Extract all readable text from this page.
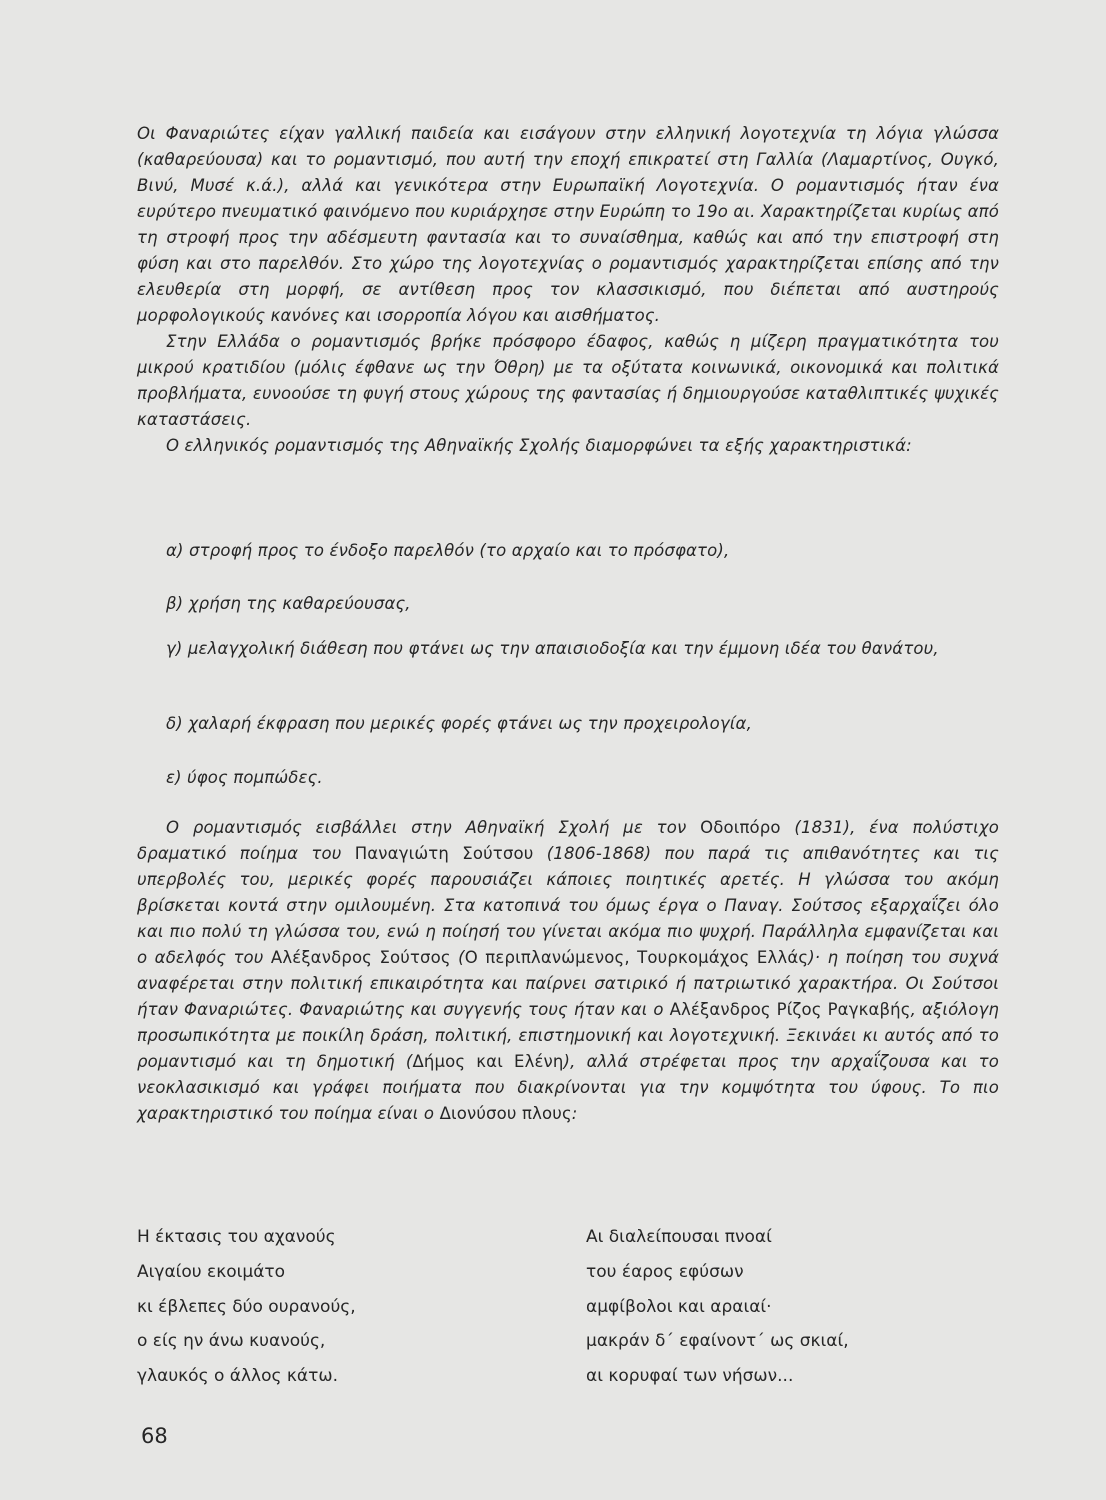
Οι Φαναριώτες είχαν γαλλική παιδεία και εισάγουν στην ελληνική λογοτεχνία τη λόγια γλώσσα (καθαρεύουσα) και το ρομαντισμό, που αυτή την εποχή επικρατεί στη Γαλλία (Λαμαρτίνος, Ουγκό, Βινύ, Μυσέ κ.ά.), αλλά και γενικότερα στην Ευρωπαϊκή Λογοτεχνία. Ο ρομαντισμός ήταν ένα ευρύτερο πνευματικό φαινόμενο που κυριάρχησε στην Ευρώπη το 19ο αι. Χαρακτηρίζεται κυρίως από τη στροφή προς την αδέσμευτη φαντασία και το συναίσθημα, καθώς και από την επιστροφή στη φύση και στο παρελθόν. Στο χώρο της λογοτεχνίας ο ρομαντισμός χαρακτηρίζεται επίσης από την ελευθερία στη μορφή, σε αντίθεση προς τον κλασσικισμό, που διέπεται από αυστηρούς μορφολογικούς κανόνες και ισορροπία λόγου και αισθήματος.

Στην Ελλάδα ο ρομαντισμός βρήκε πρόσφορο έδαφος, καθώς η μίζερη πραγματικότητα του μικρού κρατιδίου (μόλις έφθανε ως την Όθρη) με τα οξύτατα κοινωνικά, οικονομικά και πολιτικά προβλήματα, ευνοούσε τη φυγή στους χώρους της φαντασίας ή δημιουργούσε καταθλιπτικές ψυχικές καταστάσεις.

Ο ελληνικός ρομαντισμός της Αθηναϊκής Σχολής διαμορφώνει τα εξής χαρακτηριστικά:

α) στροφή προς το ένδοξο παρελθόν (το αρχαίο και το πρόσφατο),

β) χρήση της καθαρεύουσας,

γ) μελαγχολική διάθεση που φτάνει ως την απαισιοδοξία και την έμμονη ιδέα του θανάτου,

δ) χαλαρή έκφραση που μερικές φορές φτάνει ως την προχειρολογία,

ε) ύφος πομπώδες.

Ο ρομαντισμός εισβάλλει στην Αθηναϊκή Σχολή με τον Οδοιπόρο (1831), ένα πολύστιχο δραματικό ποίημα του Παναγιώτη Σούτσου (1806-1868) που παρά τις απιθανότητες και τις υπερβολές του, μερικές φορές παρουσιάζει κάποιες ποιητικές αρετές. Η γλώσσα του ακόμη βρίσκεται κοντά στην ομιλουμένη. Στα κατοπινά του όμως έργα ο Παναγ. Σούτσος εξαρχαΐζει όλο και πιο πολύ τη γλώσσα του, ενώ η ποίησή του γίνεται ακόμα πιο ψυχρή. Παράλληλα εμφανίζεται και ο αδελφός του Αλέξανδρος Σούτσος (Ο περιπλανώμενος, Τουρκομάχος Ελλάς)· η ποίηση του συχνά αναφέρεται στην πολιτική επικαιρότητα και παίρνει σατιρικό ή πατριωτικό χαρακτήρα. Οι Σούτσοι ήταν Φαναριώτες. Φαναριώτης και συγγενής τους ήταν και ο Αλέξανδρος Ρίζος Ραγκαβής, αξιόλογη προσωπικότητα με ποικίλη δράση, πολιτική, επιστημονική και λογοτεχνική. Ξεκινάει κι αυτός από το ρομαντισμό και τη δημοτική (Δήμος και Ελένη), αλλά στρέφεται προς την αρχαΐζουσα και το νεοκλασικισμό και γράφει ποιήματα που διακρίνονται για την κομψότητα του ύφους. Το πιο χαρακτηριστικό του ποίημα είναι ο Διονύσου πλους:

Η έκτασις του αχανούς
Αιγαίου εκοιμάτο
κι έβλεπες δύο ουρανούς,
ο είς ην άνω κυανούς,
γλαυκός ο άλλος κάτω.
Αι διαλείπουσαι πνοαί
του έαρος εφύσων
αμφίβολοι και αραιαί·
μακράν δ΄ εφαίνοντ΄ ως σκιαί,
αι κορυφαί των νήσων...
68
